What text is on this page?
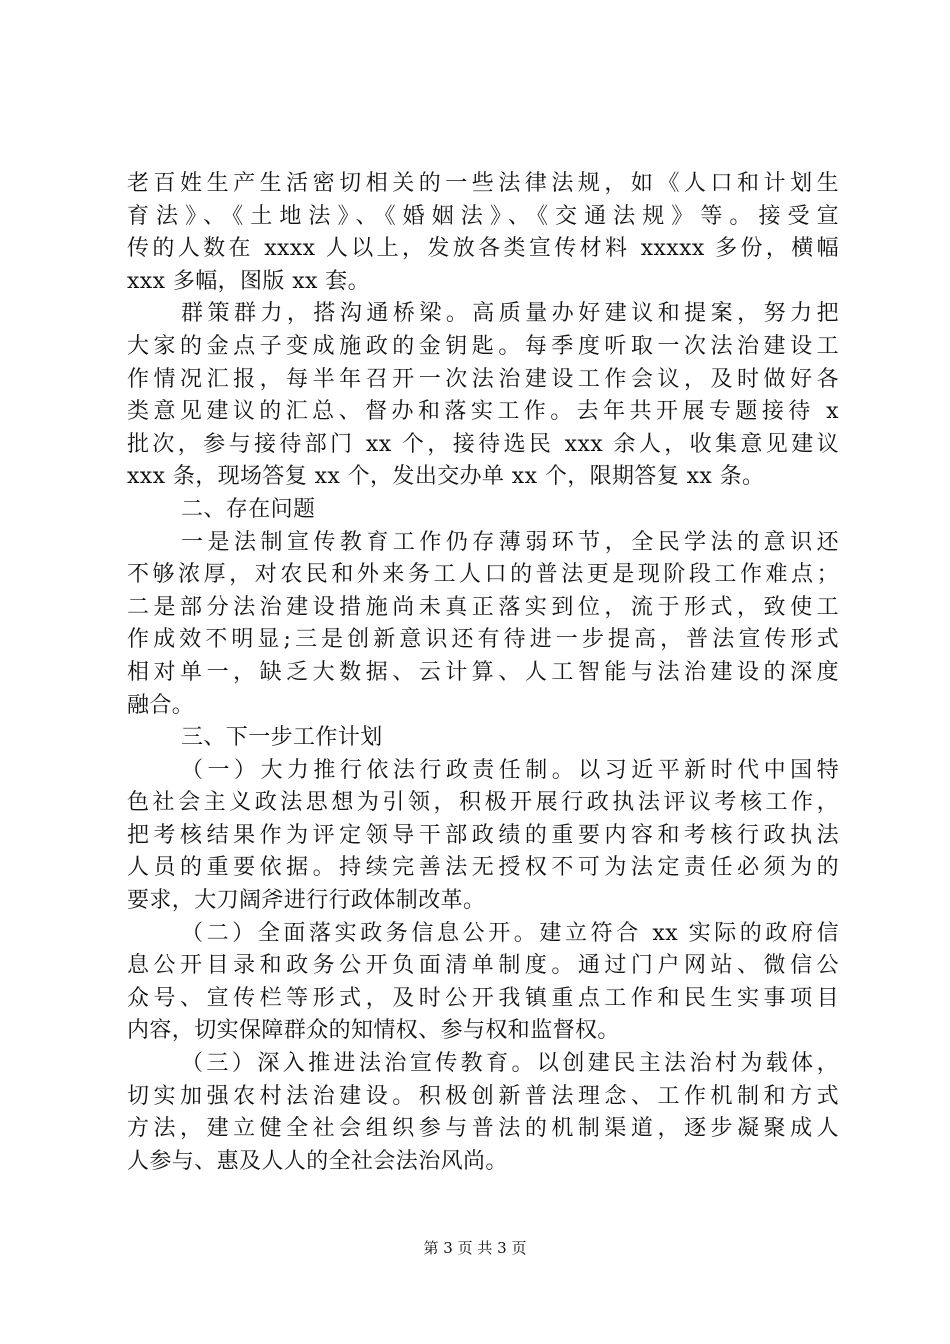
老百姓生产生活密切相关的一些法律法规，如《人口和计划生
育法》、《土地法》、《婚姻法》、《交通法规》等。接受宣
传的人数在 xxxx 人以上，发放各类宣传材料 xxxxx 多份，横幅
xxx 多幅，图版 xx 套。
群策群力，搭沟通桥梁。高质量办好建议和提案，努力把
大家的金点子变成施政的金钥匙。每季度听取一次法治建设工
作情况汇报，每半年召开一次法治建设工作会议，及时做好各
类意见建议的汇总、督办和落实工作。去年共开展专题接待 x
批次，参与接待部门 xx 个，接待选民 xxx 余人，收集意见建议
xxx 条，现场答复 xx 个，发出交办单 xx 个，限期答复 xx 条。
二、存在问题
一是法制宣传教育工作仍存薄弱环节，全民学法的意识还
不够浓厚，对农民和外来务工人口的普法更是现阶段工作难点；
二是部分法治建设措施尚未真正落实到位，流于形式，致使工
作成效不明显;三是创新意识还有待进一步提高，普法宣传形式
相对单一，缺乏大数据、云计算、人工智能与法治建设的深度
融合。
三、下一步工作计划
（一）大力推行依法行政责任制。以习近平新时代中国特
色社会主义政法思想为引领，积极开展行政执法评议考核工作，
把考核结果作为评定领导干部政绩的重要内容和考核行政执法
人员的重要依据。持续完善法无授权不可为法定责任必须为的
要求，大刀阔斧进行行政体制改革。
（二）全面落实政务信息公开。建立符合 xx 实际的政府信
息公开目录和政务公开负面清单制度。通过门户网站、微信公
众号、宣传栏等形式，及时公开我镇重点工作和民生实事项目
内容，切实保障群众的知情权、参与权和监督权。
（三）深入推进法治宣传教育。以创建民主法治村为载体，
切实加强农村法治建设。积极创新普法理念、工作机制和方式
方法，建立健全社会组织参与普法的机制渠道，逐步凝聚成人
人参与、惠及人人的全社会法治风尚。
第 3 页 共 3 页
